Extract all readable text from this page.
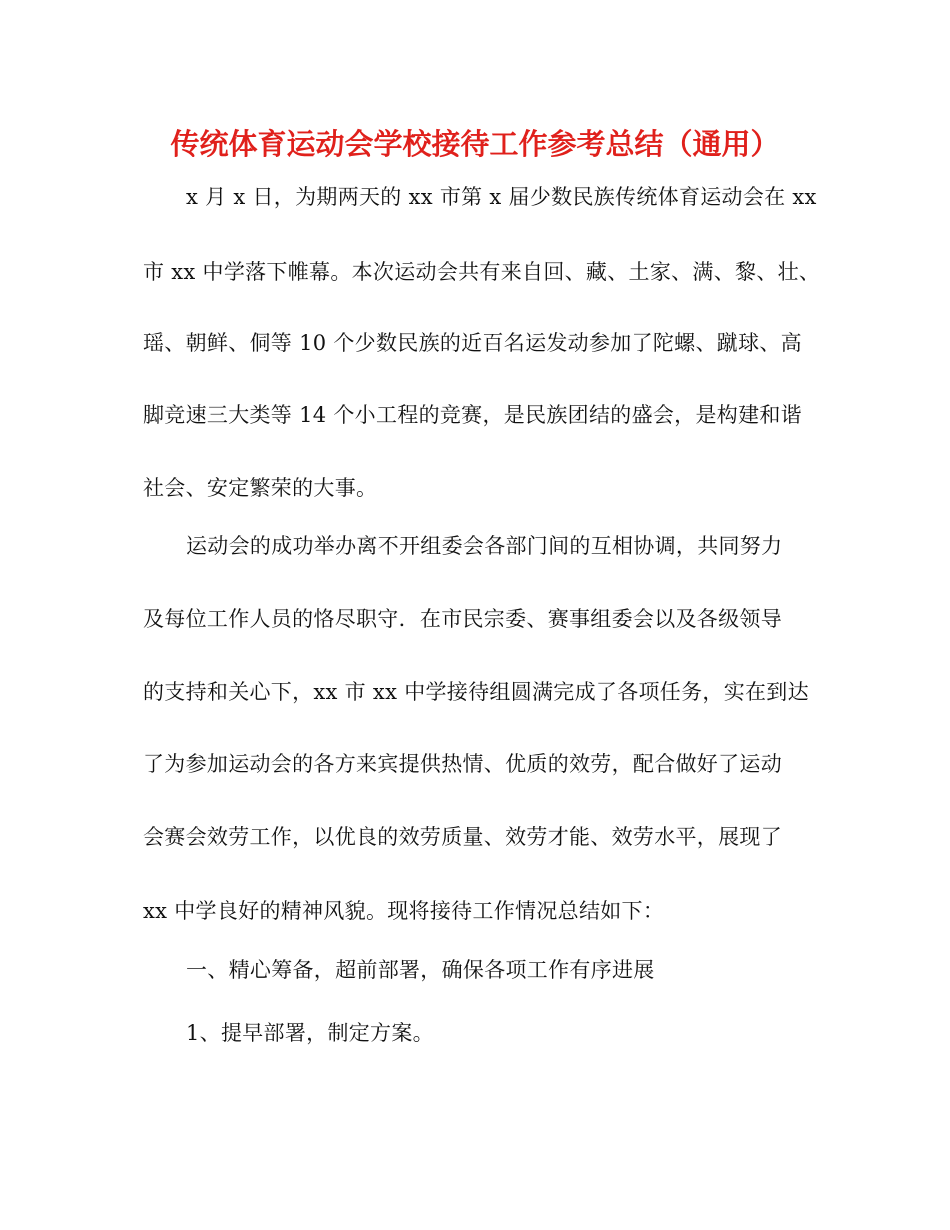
传统体育运动会学校接待工作参考总结（通用）
x 月 x 日，为期两天的 xx 市第 x 届少数民族传统体育运动会在 xx
市 xx 中学落下帷幕。本次运动会共有来自回、藏、土家、满、黎、壮、
瑶、朝鲜、侗等 10 个少数民族的近百名运发动参加了陀螺、蹴球、高
脚竞速三大类等 14 个小工程的竞赛，是民族团结的盛会，是构建和谐
社会、安定繁荣的大事。
运动会的成功举办离不开组委会各部门间的互相协调，共同努力
及每位工作人员的恪尽职守．在市民宗委、赛事组委会以及各级领导
的支持和关心下，xx 市 xx 中学接待组圆满完成了各项任务，实在到达
了为参加运动会的各方来宾提供热情、优质的效劳，配合做好了运动
会赛会效劳工作，以优良的效劳质量、效劳才能、效劳水平，展现了
xx 中学良好的精神风貌。现将接待工作情况总结如下：
一、精心筹备，超前部署，确保各项工作有序进展
1、提早部署，制定方案。
